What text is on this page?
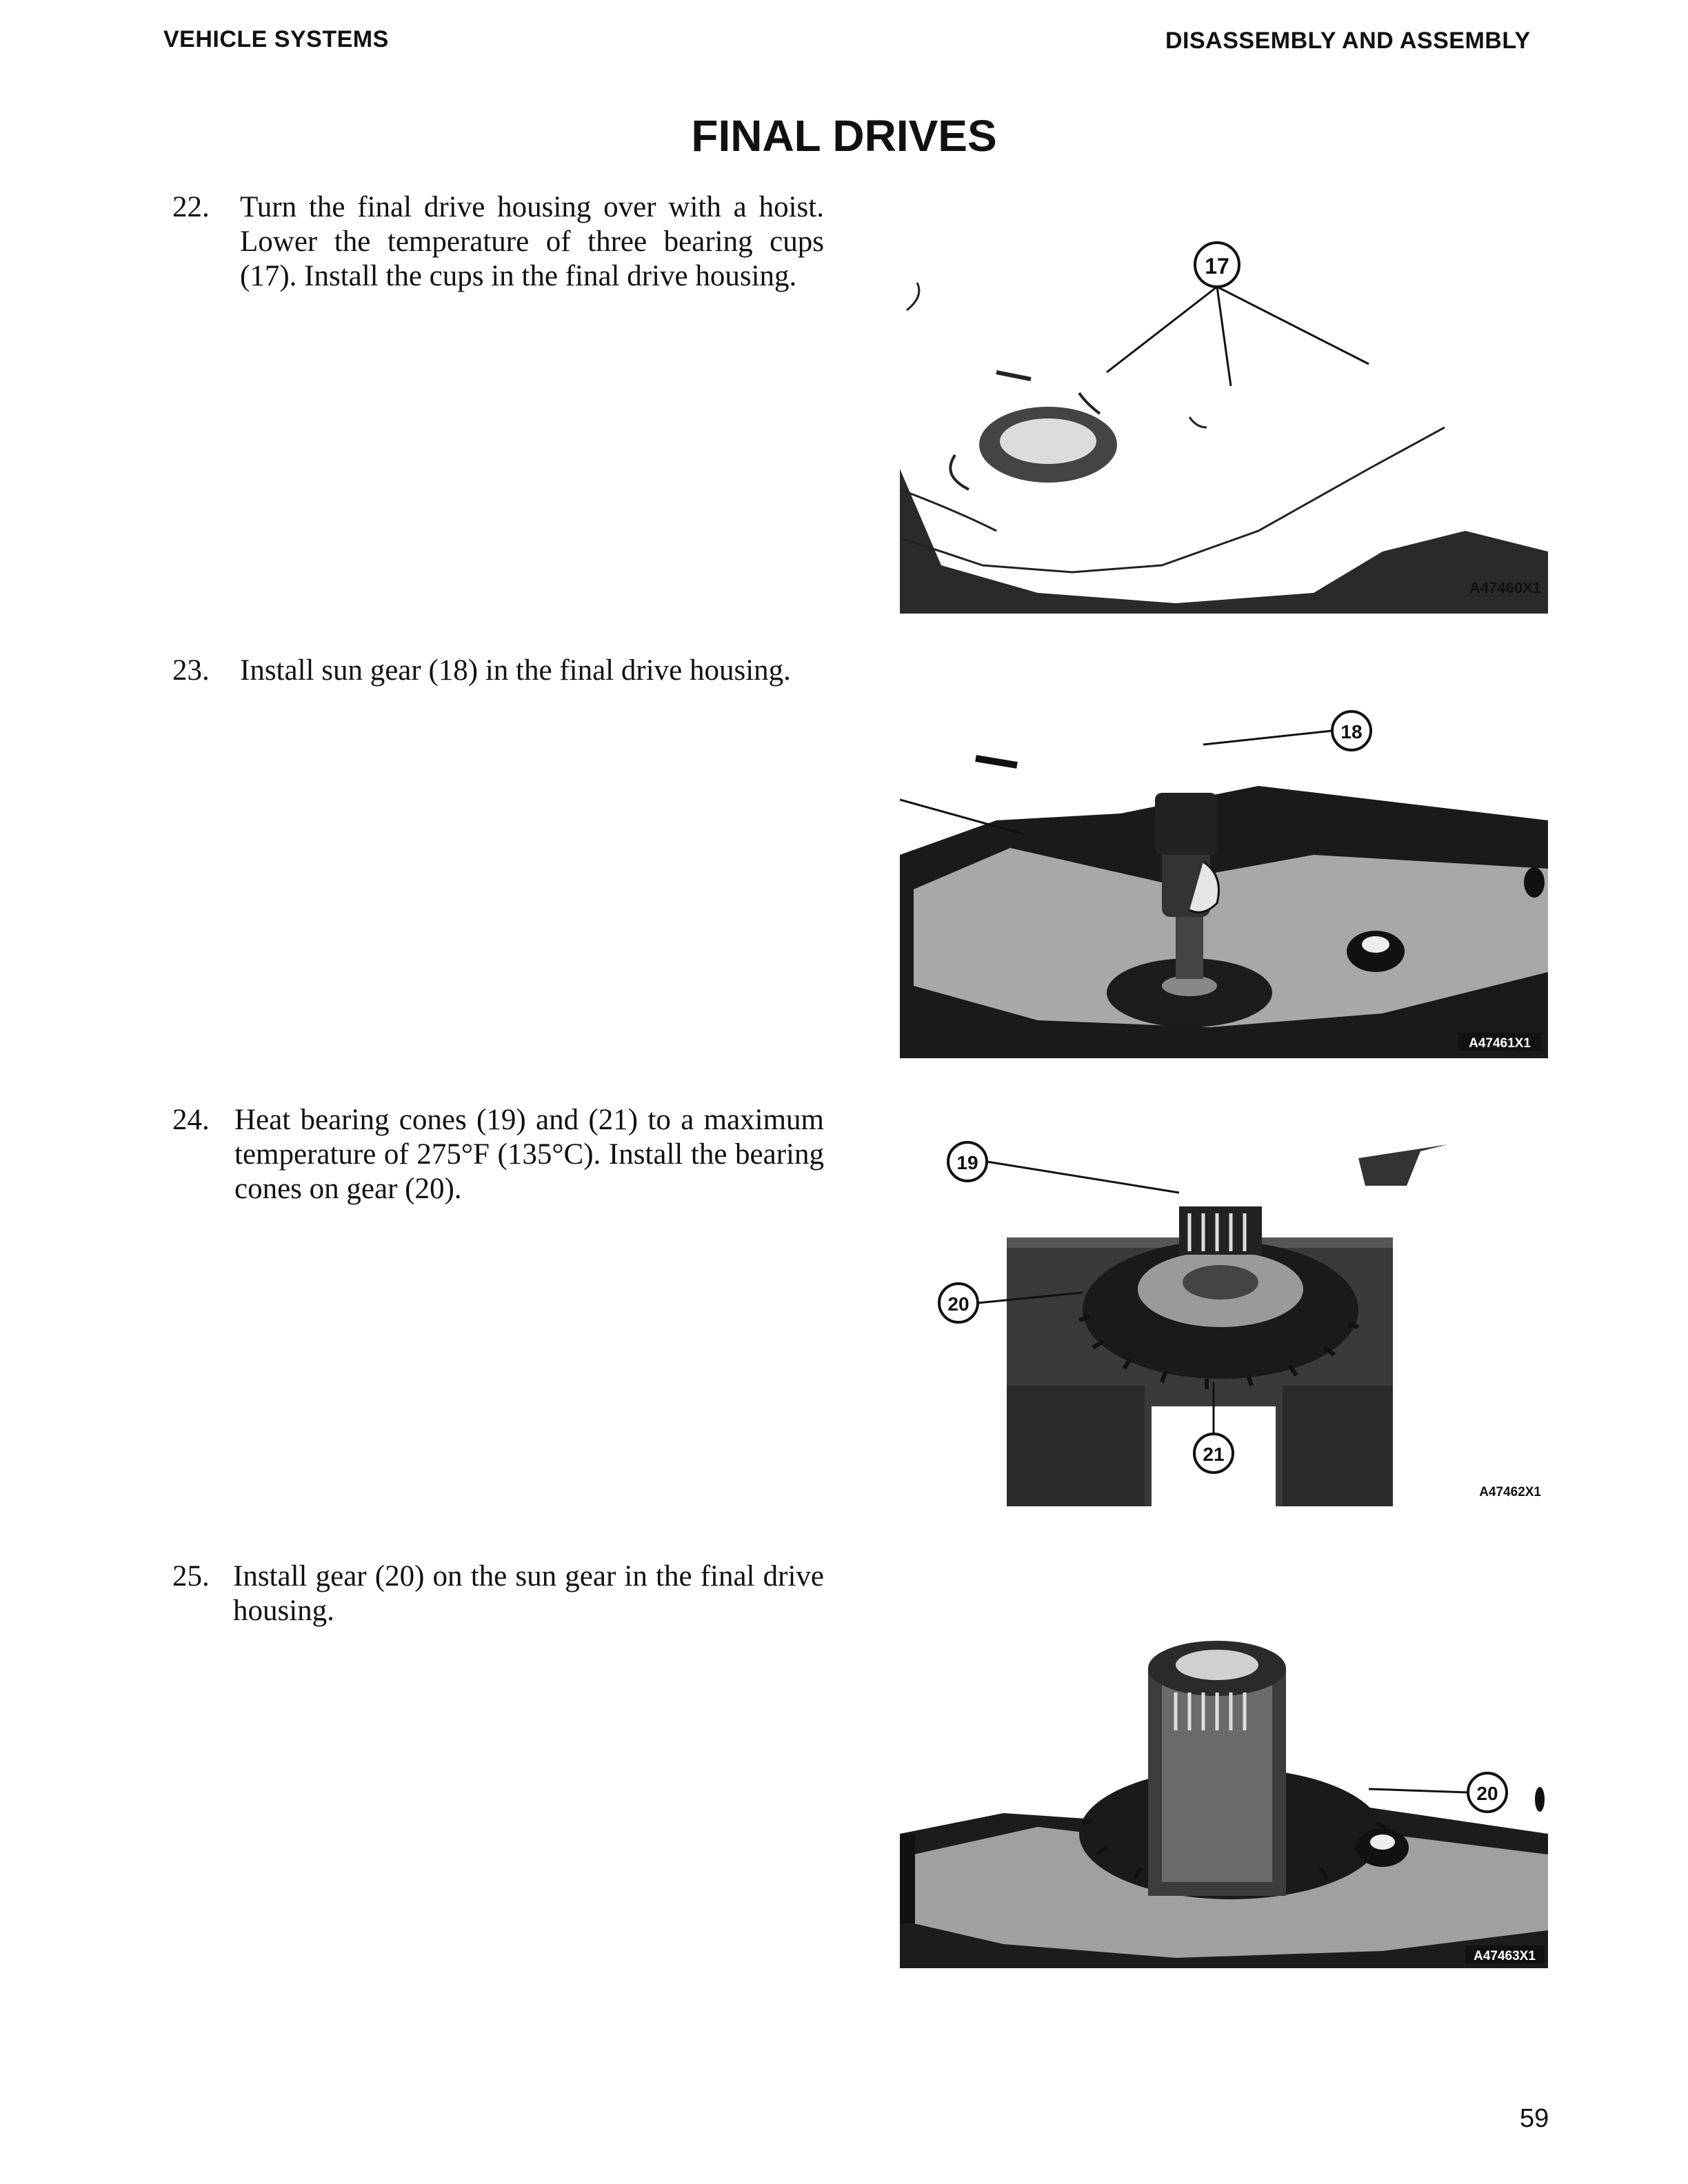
VEHICLE SYSTEMS	DISASSEMBLY AND ASSEMBLY
FINAL DRIVES
22. Turn the final drive housing over with a hoist. Lower the temperature of three bearing cups (17). Install the cups in the final drive housing.	17
A47460X1
23. Install sun gear (18) in the final drive housing.
18
A47461X1
24. Heat bearing cones (19) and (21) to a maximum temperature of 275°F (135°C). Install the bearing cones on gear (20).
19
20
21
A47462X1
25. Install gear (20) on the sun gear in the final drive housing.
20
A47463X1
59
